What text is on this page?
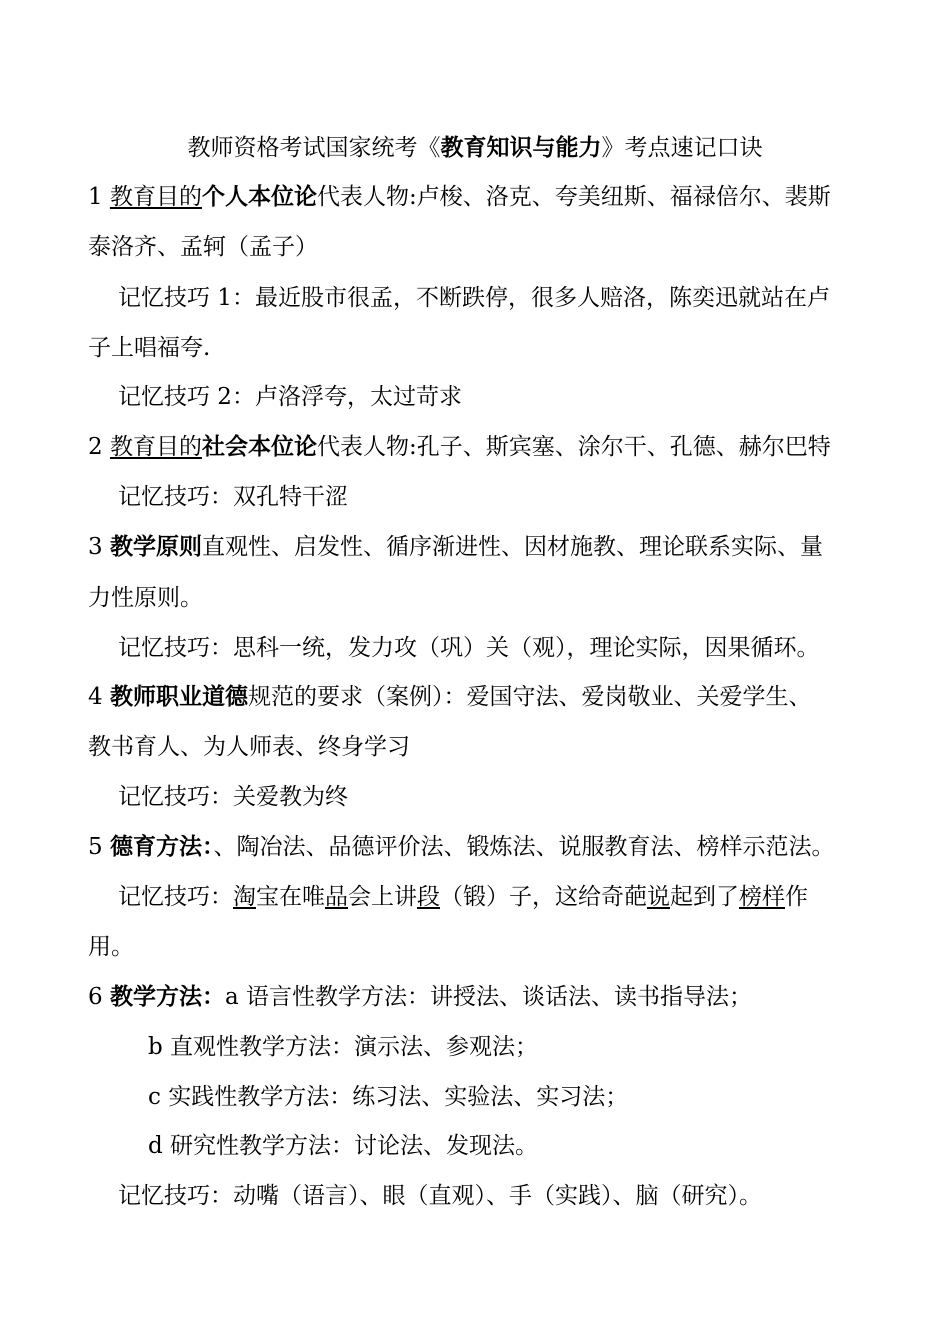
教师资格考试国家统考《教育知识与能力》考点速记口诀
1 教育目的个人本位论代表人物:卢梭、洛克、夸美纽斯、福禄倍尔、裴斯
泰洛齐、孟轲（孟子）
记忆技巧 1：最近股市很孟，不断跌停，很多人赔洛，陈奕迅就站在卢
子上唱福夸.
记忆技巧 2：卢洛浮夸，太过苛求
2 教育目的社会本位论代表人物:孔子、斯宾塞、涂尔干、孔德、赫尔巴特
记忆技巧：双孔特干涩
3 教学原则直观性、启发性、循序渐进性、因材施教、理论联系实际、量
力性原则。
记忆技巧：思科一统，发力攻（巩）关（观），理论实际，因果循环。
4 教师职业道德规范的要求（案例）：爱国守法、爱岗敬业、关爱学生、
教书育人、为人师表、终身学习
记忆技巧：关爱教为终
5 德育方法：、陶冶法、品德评价法、锻炼法、说服教育法、榜样示范法。
记忆技巧：淘宝在唯品会上讲段（锻）子，这给奇葩说起到了榜样作
用。
6 教学方法：a 语言性教学方法：讲授法、谈话法、读书指导法；
b 直观性教学方法：演示法、参观法；
c 实践性教学方法：练习法、实验法、实习法；
d 研究性教学方法：讨论法、发现法。
记忆技巧：动嘴（语言）、眼（直观）、手（实践）、脑（研究）。
